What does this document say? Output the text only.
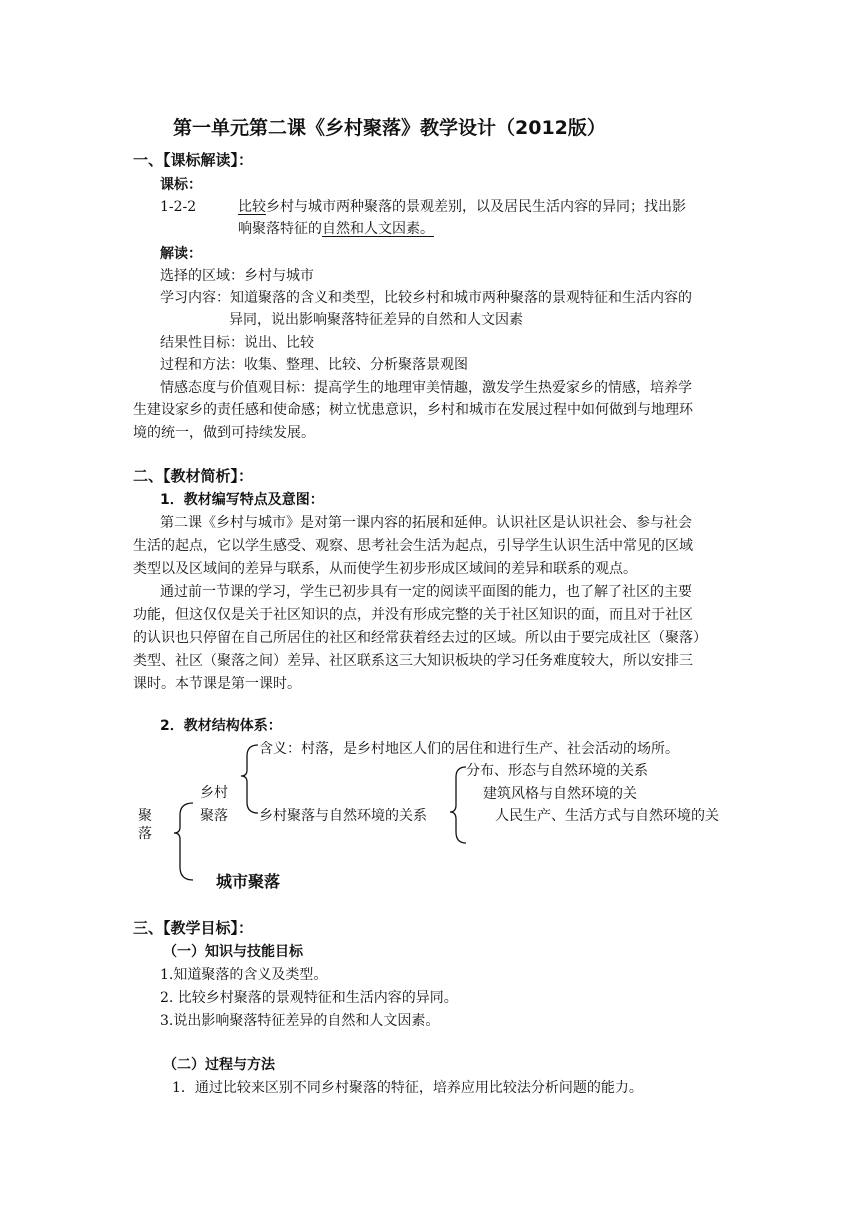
第一单元第二课《乡村聚落》教学设计（2012版）
一、【课标解读】：
课标：
1-2-2	比较乡村与城市两种聚落的景观差别，以及居民生活内容的异同；找出影
响聚落特征的自然和人文因素。
解读：
选择的区域：乡村与城市
学习内容：知道聚落的含义和类型，比较乡村和城市两种聚落的景观特征和生活内容的
异同，说出影响聚落特征差异的自然和人文因素
结果性目标：说出、比较
过程和方法：收集、整理、比较、分析聚落景观图
情感态度与价值观目标：提高学生的地理审美情趣，激发学生热爱家乡的情感，培养学
生建设家乡的责任感和使命感；树立忧患意识，乡村和城市在发展过程中如何做到与地理环
境的统一，做到可持续发展。
二、【教材简析】：
1．教材编写特点及意图：
第二课《乡村与城市》是对第一课内容的拓展和延伸。认识社区是认识社会、参与社会
生活的起点，它以学生感受、观察、思考社会生活为起点，引导学生认识生活中常见的区域
类型以及区域间的差异与联系，从而使学生初步形成区域间的差异和联系的观点。
通过前一节课的学习，学生已初步具有一定的阅读平面图的能力，也了解了社区的主要
功能，但这仅仅是关于社区知识的点，并没有形成完整的关于社区知识的面，而且对于社区
的认识也只停留在自己所居住的社区和经常获着经去过的区域。所以由于要完成社区（聚落）
类型、社区（聚落之间）差异、社区联系这三大知识板块的学习任务难度较大，所以安排三
课时。本节课是第一课时。
2．教材结构体系：
聚
落
乡村
聚落
含义：村落，是乡村地区人们的居住和进行生产、社会活动的场所。
乡村聚落与自然环境的关系
分布、形态与自然环境的关系
建筑风格与自然环境的关
人民生产、生活方式与自然环境的关
城市聚落
三、【教学目标】：
（一）知识与技能目标
1.知道聚落的含义及类型。
2. 比较乡村聚落的景观特征和生活内容的异同。
3.说出影响聚落特征差异的自然和人文因素。
（二）过程与方法
1．通过比较来区别不同乡村聚落的特征，培养应用比较法分析问题的能力。
